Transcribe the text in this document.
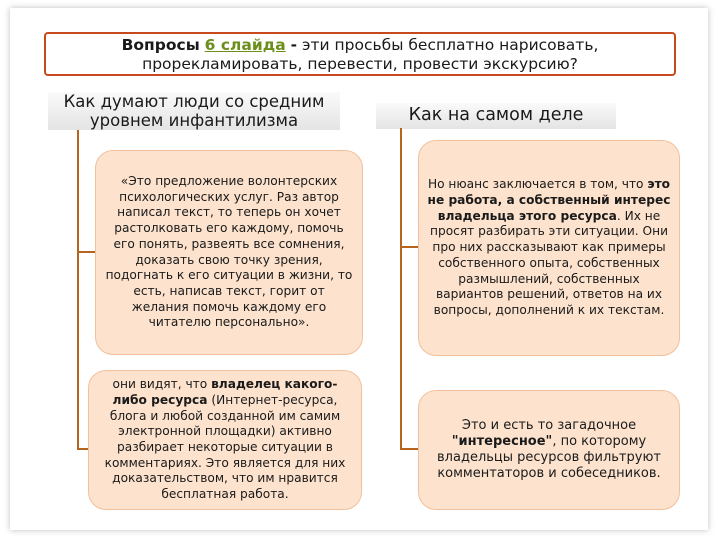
Вопросы 6 слайда - эти просьбы бесплатно нарисовать,
прорекламировать, перевести, провести экскурсию?
Как думают люди со средним
уровнем инфантилизма	Как на самом деле
«Это предложение волонтерских психологических услуг. Раз автор написал текст, то теперь он хочет растолковать его каждому, помочь его понять, развеять все сомнения, доказать свою точку зрения, подогнать к его ситуации в жизни, то есть, написав текст, горит от желания помочь каждому его читателю персонально».
они видят, что владелец какого-либо ресурса (Интернет-ресурса, блога и любой созданной им самим электронной площадки) активно разбирает некоторые ситуации в комментариях. Это является для них доказательством, что им нравится бесплатная работа.
Но нюанс заключается в том, что это не работа, а собственный интерес владельца этого ресурса. Их не просят разбирать эти ситуации. Они про них рассказывают как примеры собственного опыта, собственных размышлений, собственных вариантов решений, ответов на их вопросы, дополнений к их текстам.
Это и есть то загадочное "интересное", по которому владельцы ресурсов фильтруют комментаторов и собеседников.
